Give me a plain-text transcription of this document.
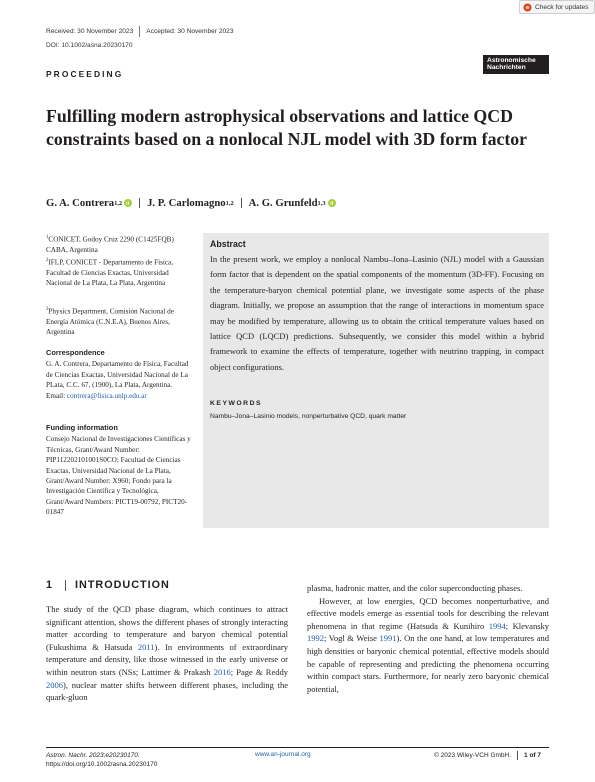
Check for updates
Received: 30 November 2023 Accepted: 30 November 2023
DOI: 10.1002/asna.20230170
PROCEEDING
Astronomische
Nachrichten
Fulfilling modern astrophysical observations and lattice QCD constraints based on a nonlocal NJL model with 3D form factor
G. A. Contrera 1,2 J. P. Carlomagno 1,2 A. G. Grunfeld 1,3
$^1$CONICET, Godoy Cruz 2290 (C1425FQB) CABA, Argentina
$^2$IFLP, CONICET - Departamento de Física, Facultad de Ciencias Exactas, Universidad Nacional de La Plata, La Plata, Argentina
$^3$Physics Department, Comisión Nacional de Energía Atómica (C.N.E.A), Buenos Aires, Argentina
Correspondence
G. A. Contrera, Departamento de Física, Facultad de Ciencias Exactas, Universidad Nacional de La PLata, C.C. 67, (1900), La Plata, Argentina.
Email: contrera@fisica.unlp.edu.ar
Funding information
Consejo Nacional de Investigaciones Científicas y Técnicas, Grant/Award Number: PIP112202101001S0CO; Facultad de Ciencias Exactas, Universidad Nacional de La Plata, Grant/Award Number: X960; Fondo para la Investigación Científica y Tecnológica, Grant/Award Numbers: PICT19-00792, PICT20-01847
Abstract
In the present work, we employ a nonlocal Nambu–Jona–Lasinio (NJL) model with a Gaussian form factor that is dependent on the spatial components of the momentum (3D-FF). Focusing on the temperature-baryon chemical potential plane, we investigate some aspects of the phase diagram. Initially, we propose an assumption that the range of interactions in momentum space may be modified by temperature, allowing us to obtain the critical temperature values based on lattice QCD (LQCD) predictions. Subsequently, we consider this model within a hybrid framework to examine the effects of temperature, together with neutrino trapping, in compact object configurations.
KEYWORDS
Nambu–Jona–Lasinio models, nonperturbative QCD, quark matter
1 INTRODUCTION

The study of the QCD phase diagram, which continues to attract significant attention, shows the different phases of strongly interacting matter according to temperature and baryon chemical potential (Fukushima & Hatsuda 2011). In environments of extraordinary temperature and density, like those witnessed in the early universe or within neutron stars (NSs; Lattimer & Prakash 2016; Page & Reddy 2006), nuclear matter shifts between different phases, including the quark-gluon

plasma, hadronic matter, and the color superconducting phases.

However, at low energies, QCD becomes nonperturbative, and effective models emerge as essential tools for describing the relevant phenomena in that regime (Hatsuda & Kunihiro 1994; Klevansky 1992; Vogl & Weise 1991). On the one hand, at low temperatures and high densities or baryonic chemical potential, effective models should be capable of representing and predicting the phenomena occurring within compact stars. Furthermore, for nearly zero baryonic chemical potential,

Astron. Nachr. 2023;e20230170.
https://doi.org/10.1002/asna.20230170
www.an-journal.org	© 2023 Wiley-VCH GmbH. 1 of 7
